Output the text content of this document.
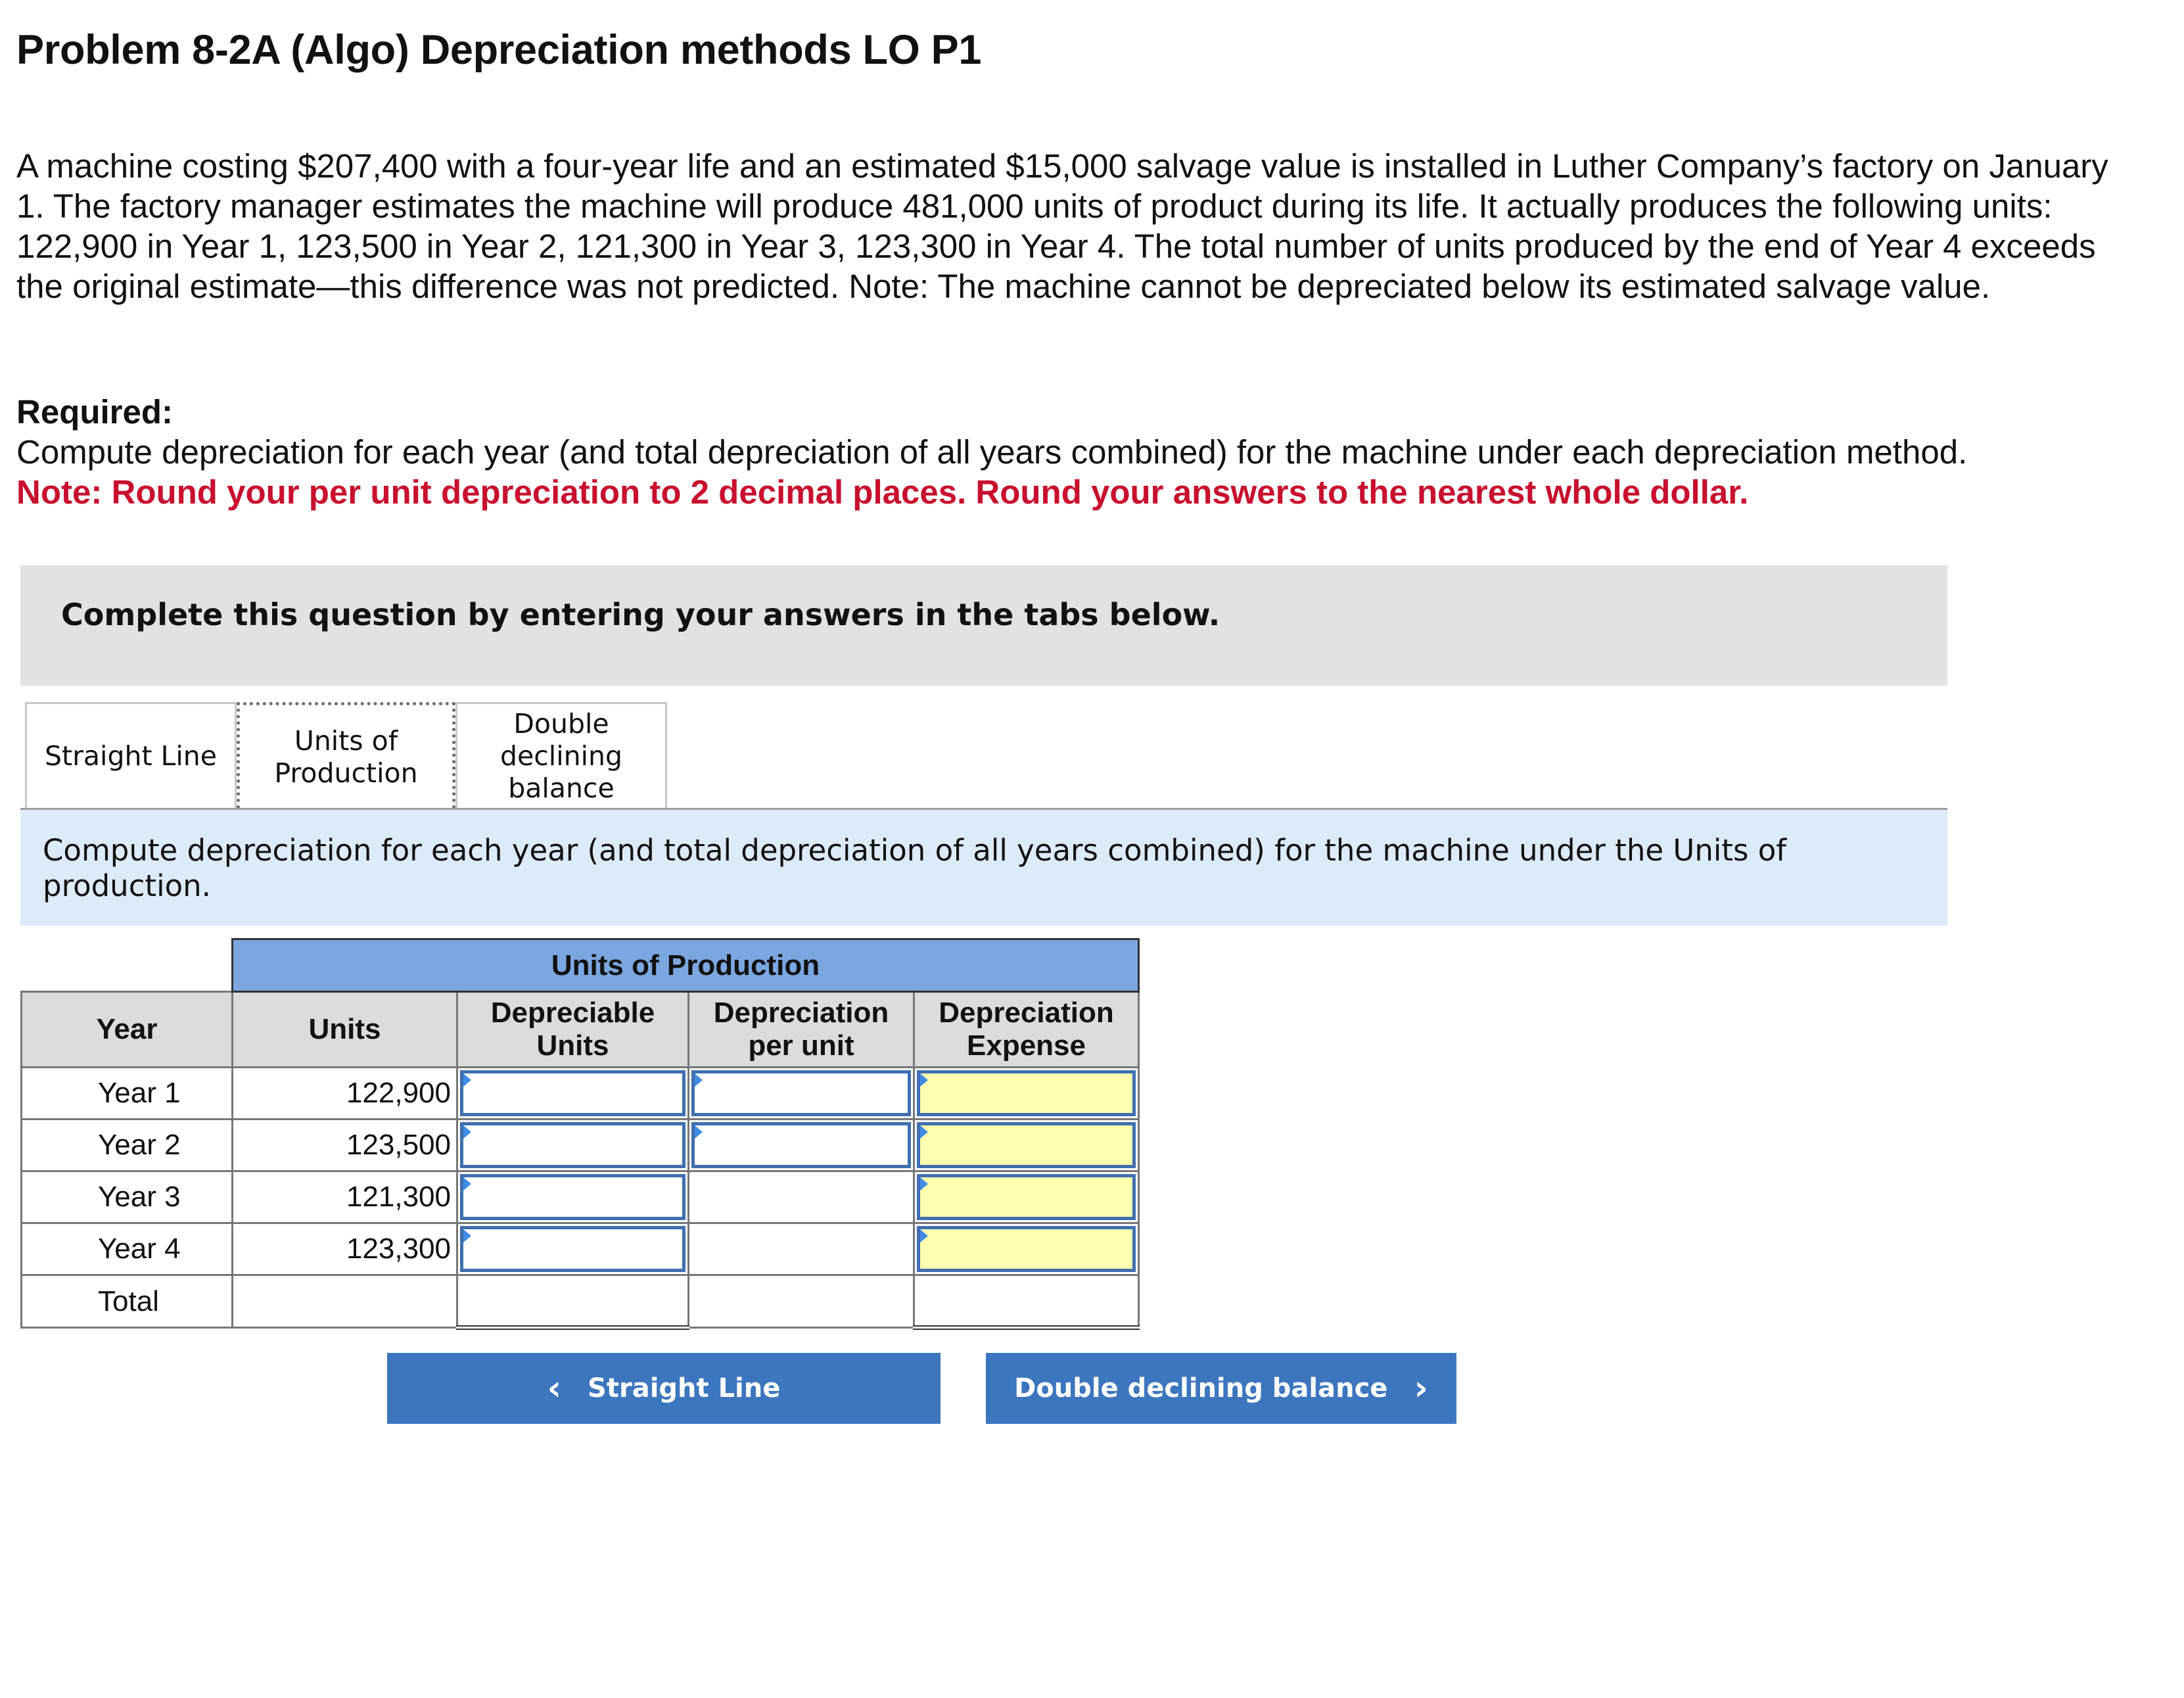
Problem 8-2A (Algo) Depreciation methods LO P1

A machine costing $207,400 with a four-year life and an estimated $15,000 salvage value is installed in Luther Company’s factory on January 1. The factory manager estimates the machine will produce 481,000 units of product during its life. It actually produces the following units: 122,900 in Year 1, 123,500 in Year 2, 121,300 in Year 3, 123,300 in Year 4. The total number of units produced by the end of Year 4 exceeds the original estimate—this difference was not predicted. Note: The machine cannot be depreciated below its estimated salvage value.

Required:

Compute depreciation for each year (and total depreciation of all years combined) for the machine under each depreciation method.

Note: Round your per unit depreciation to 2 decimal places. Round your answers to the nearest whole dollar.

Complete this question by entering your answers in the tabs below.
Straight Line	Units of Production
Double declining balance
Compute depreciation for each year (and total depreciation of all years combined) for the machine under the Units of production.
	Units of Production			
Year	Units	Depreciable Units	Depreciation per unit	Depreciation Expense

Year 1	122,900	

Year 2	123,500	

Year 3	121,300	

Year 4	123,300	

Total				
‹ Straight Line	Double declining balance ›
